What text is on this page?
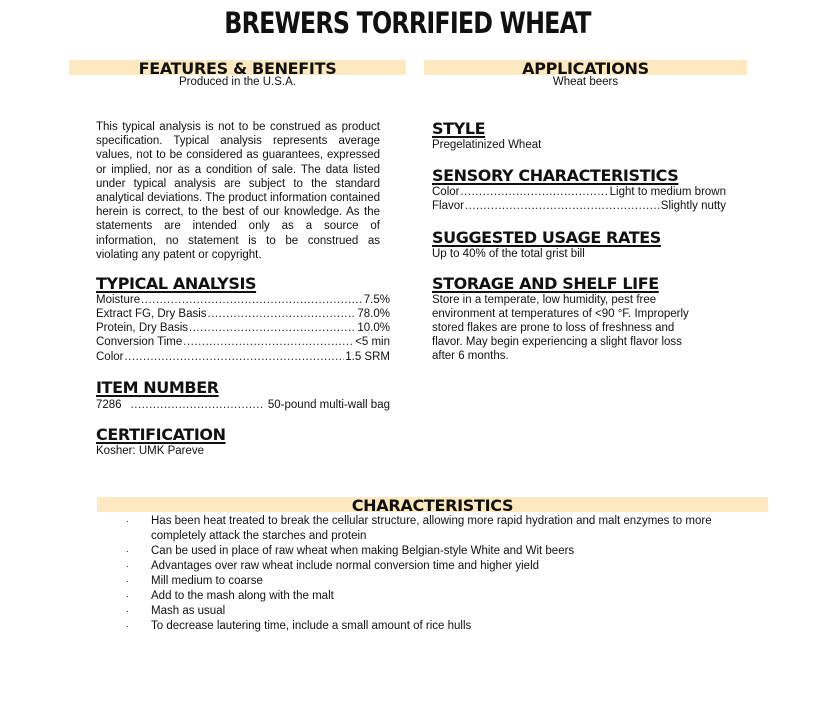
BREWERS TORRIFIED WHEAT
FEATURES & BENEFITS
Produced in the U.S.A.
APPLICATIONS
Wheat beers
This typical analysis is not to be construed as product specification. Typical analysis represents average values, not to be considered as guarantees, expressed or implied, nor as a condition of sale. The data listed under typical analysis are subject to the standard analytical deviations. The product information contained herein is correct, to the best of our knowledge. As the statements are intended only as a source of information, no statement is to be construed as violating any patent or copyright.
TYPICAL ANALYSIS
Moisture .....	7.5%
Extract FG, Dry Basis .....	78.0%
Protein, Dry Basis .....	10.0%
Conversion Time .....	<5 min
Color .....	1.5 SRM
ITEM NUMBER
7286 .....	50-pound multi-wall bag
CERTIFICATION
Kosher: UMK Pareve
STYLE
Pregelatinized Wheat
SENSORY CHARACTERISTICS
Color .....	Light to medium brown
Flavor .....	Slightly nutty
SUGGESTED USAGE RATES
Up to 40% of the total grist bill
STORAGE AND SHELF LIFE
Store in a temperate, low humidity, pest free
environment at temperatures of <90 °F. Improperly
stored flakes are prone to loss of freshness and
flavor. May begin experiencing a slight flavor loss
after 6 months.
CHARACTERISTICS
· Has been heat treated to break the cellular structure, allowing more rapid hydration and malt enzymes to more completely attack the starches and protein
· Can be used in place of raw wheat when making Belgian-style White and Wit beers
· Advantages over raw wheat include normal conversion time and higher yield
· Mill medium to coarse
· Add to the mash along with the malt
· Mash as usual
· To decrease lautering time, include a small amount of rice hulls
